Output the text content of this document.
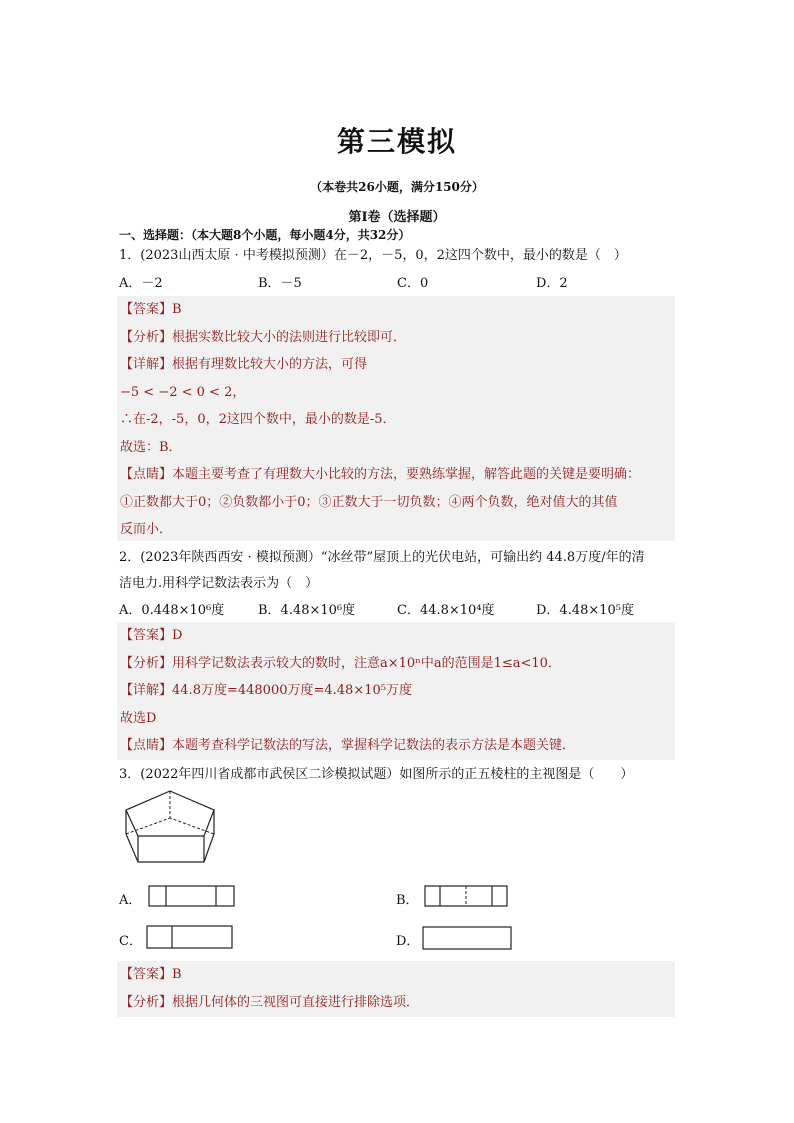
第三模拟
（本卷共26小题，满分150分）
第Ⅰ卷（选择题）
一、选择题：（本大题8个小题，每小题4分，共32分）
1．(2023山西太原 · 中考模拟预测）在－2，－5，0，2这四个数中，最小的数是（　）
A．－2	B．－5	C．0	D．2
【答案】B
【分析】根据实数比较大小的法则进行比较即可．
【详解】根据有理数比较大小的方法，可得
−5 < −2 < 0 < 2，
∴在-2，-5，0，2这四个数中，最小的数是-5．
故选：B．
【点睛】本题主要考查了有理数大小比较的方法，要熟练掌握，解答此题的关键是要明确：
①正数都大于0；②负数都小于0；③正数大于一切负数；④两个负数，绝对值大的其值
反而小．
2．(2023年陕西西安 · 模拟预测）“冰丝带”屋顶上的光伏电站，可输出约 44.8万度/年的清
洁电力.用科学记数法表示为（　）
A．0.448×10⁶度	B．4.48×10⁶度	C．44.8×10⁴度	D．4.48×10⁵度
【答案】D
【分析】用科学记数法表示较大的数时，注意a×10ⁿ中a的范围是1≤a<10．
【详解】44.8万度=448000万度=4.48×10⁵万度
故选D
【点睛】本题考查科学记数法的写法，掌握科学记数法的表示方法是本题关键．
3．(2022年四川省成都市武侯区二诊模拟试题）如图所示的正五棱柱的主视图是（　　）
A．	B．
C．	D．
【答案】B
【分析】根据几何体的三视图可直接进行排除选项．
